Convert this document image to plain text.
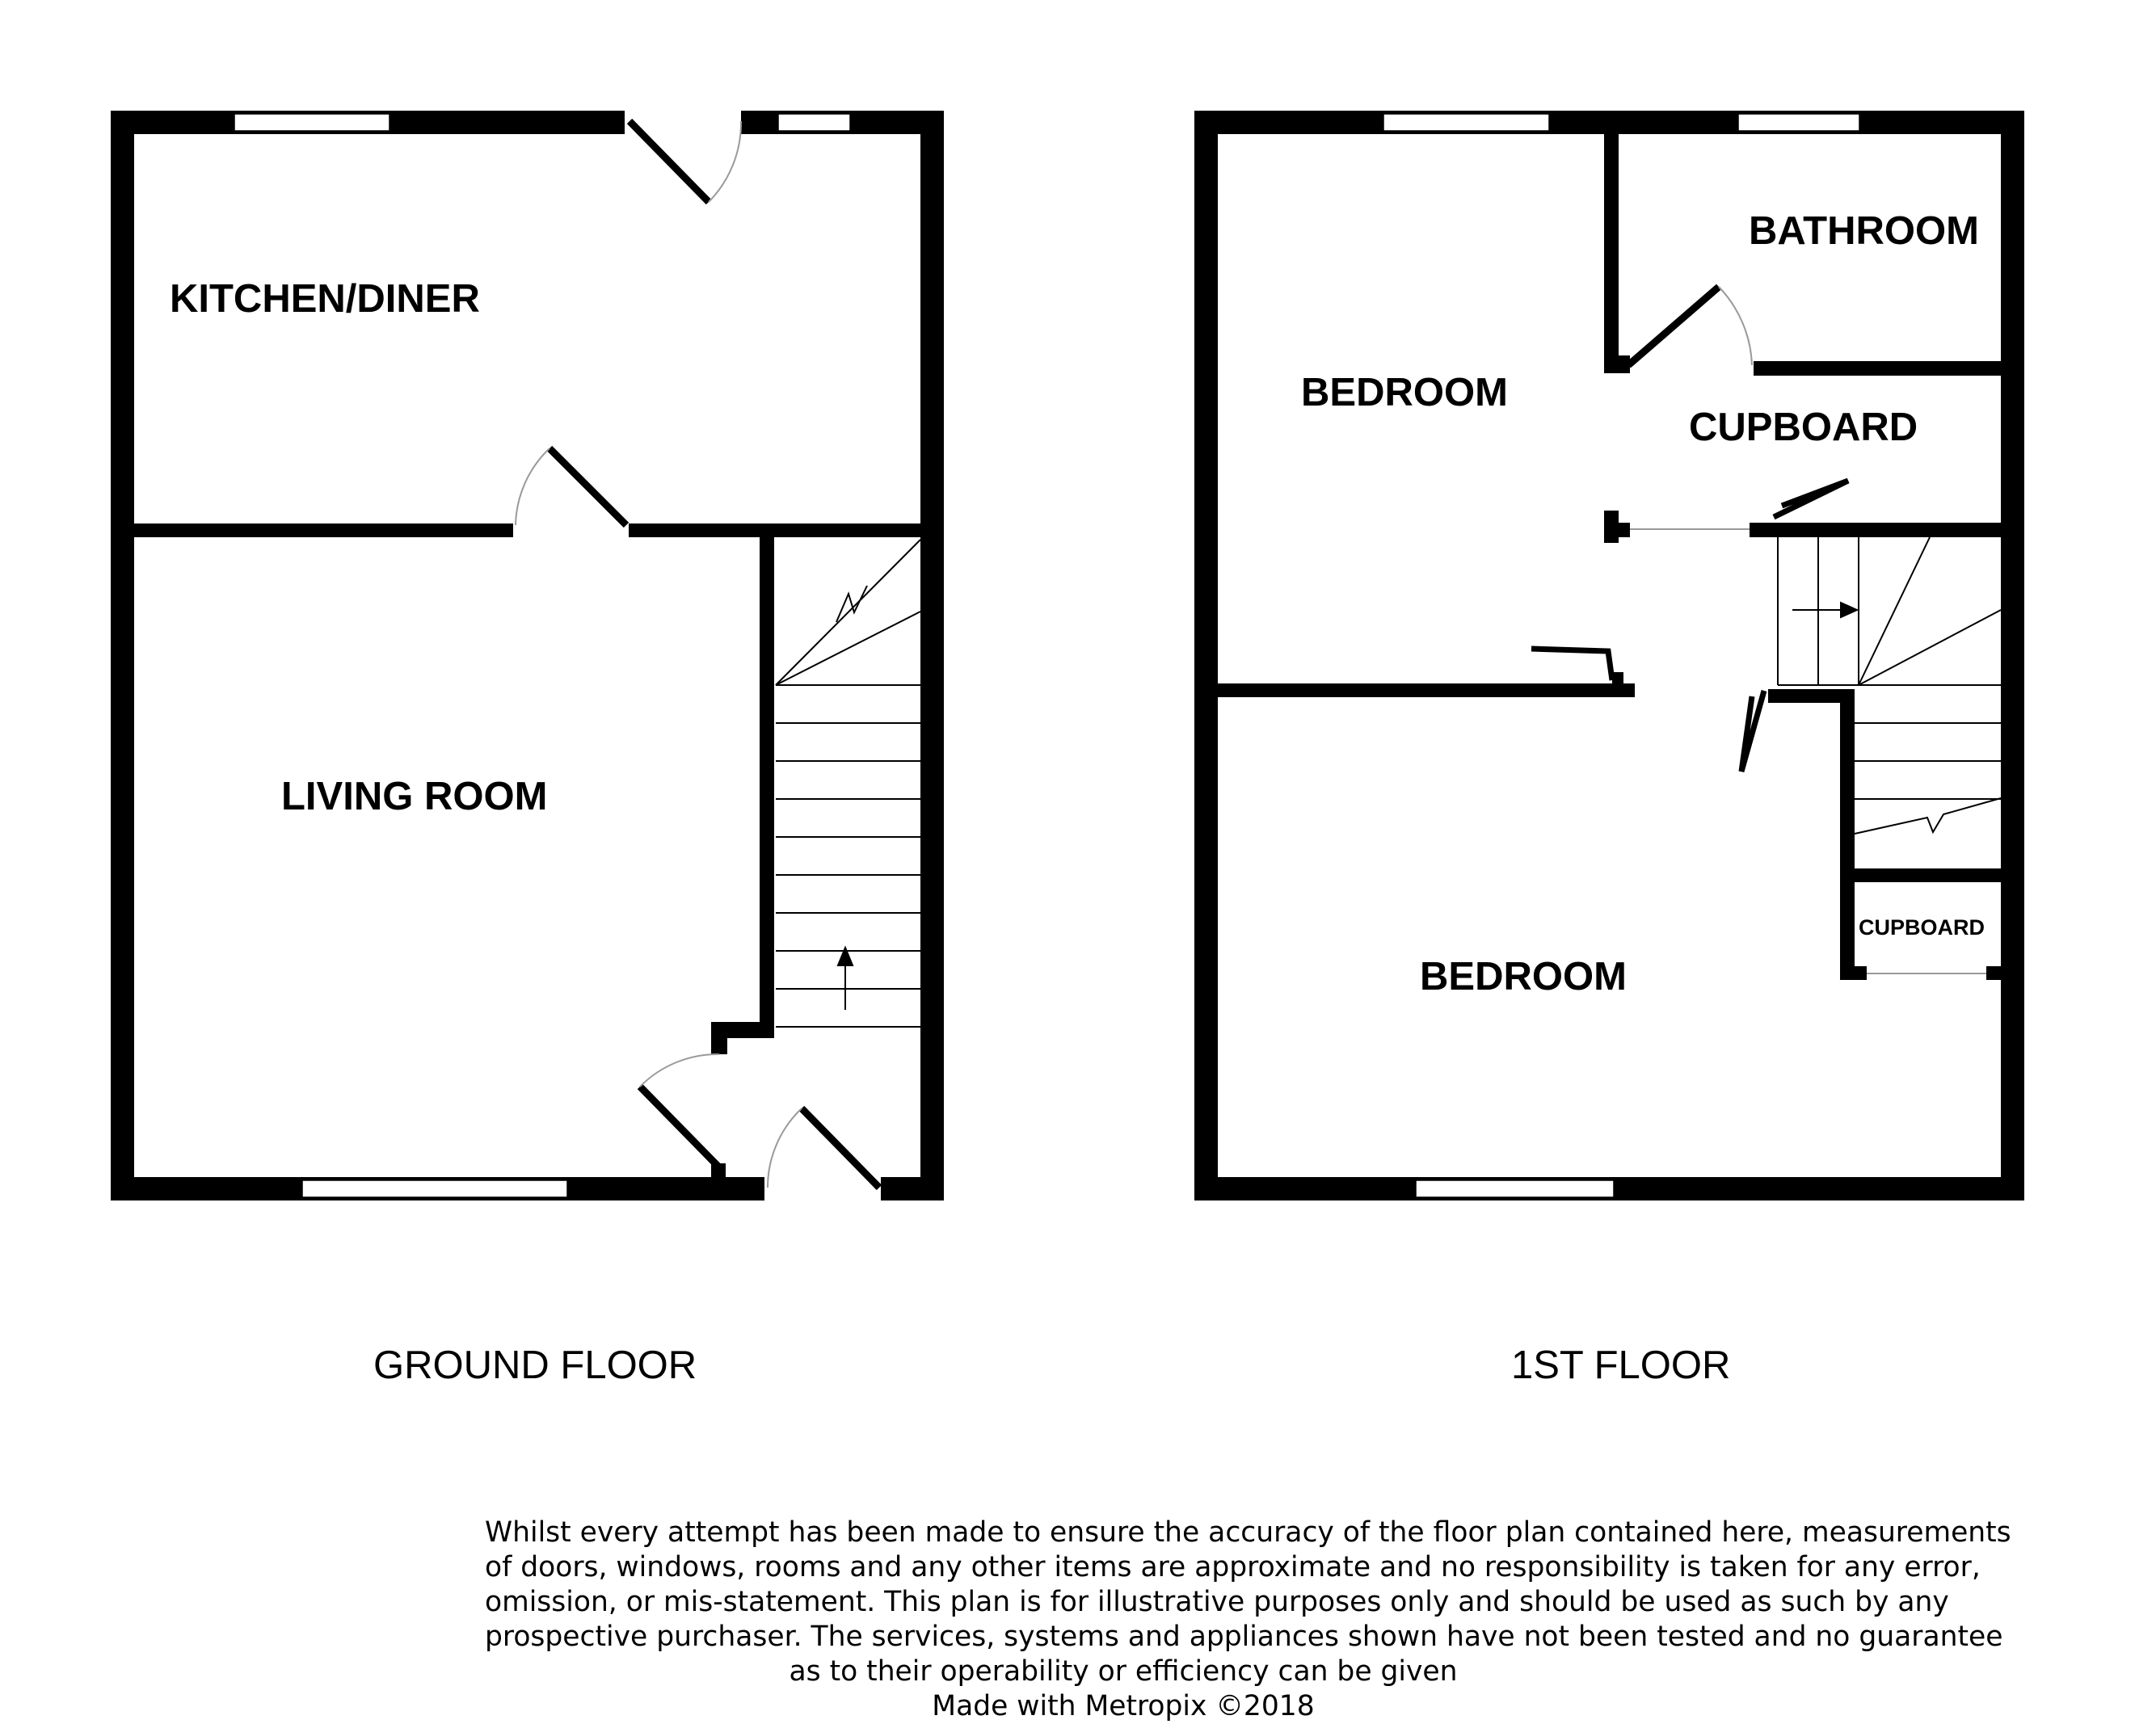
KITCHEN/DINER
LIVING ROOM
BEDROOM
BATHROOM
CUPBOARD
BEDROOM
CUPBOARD
GROUND FLOOR	1ST FLOOR
Whilst every attempt has been made to ensure the accuracy of the floor plan contained here, measurements
of doors, windows, rooms and any other items are approximate and no responsibility is taken for any error,
omission, or mis-statement. This plan is for illustrative purposes only and should be used as such by any
prospective purchaser. The services, systems and appliances shown have not been tested and no guarantee
as to their operability or efficiency can be given
Made with Metropix ©2018
